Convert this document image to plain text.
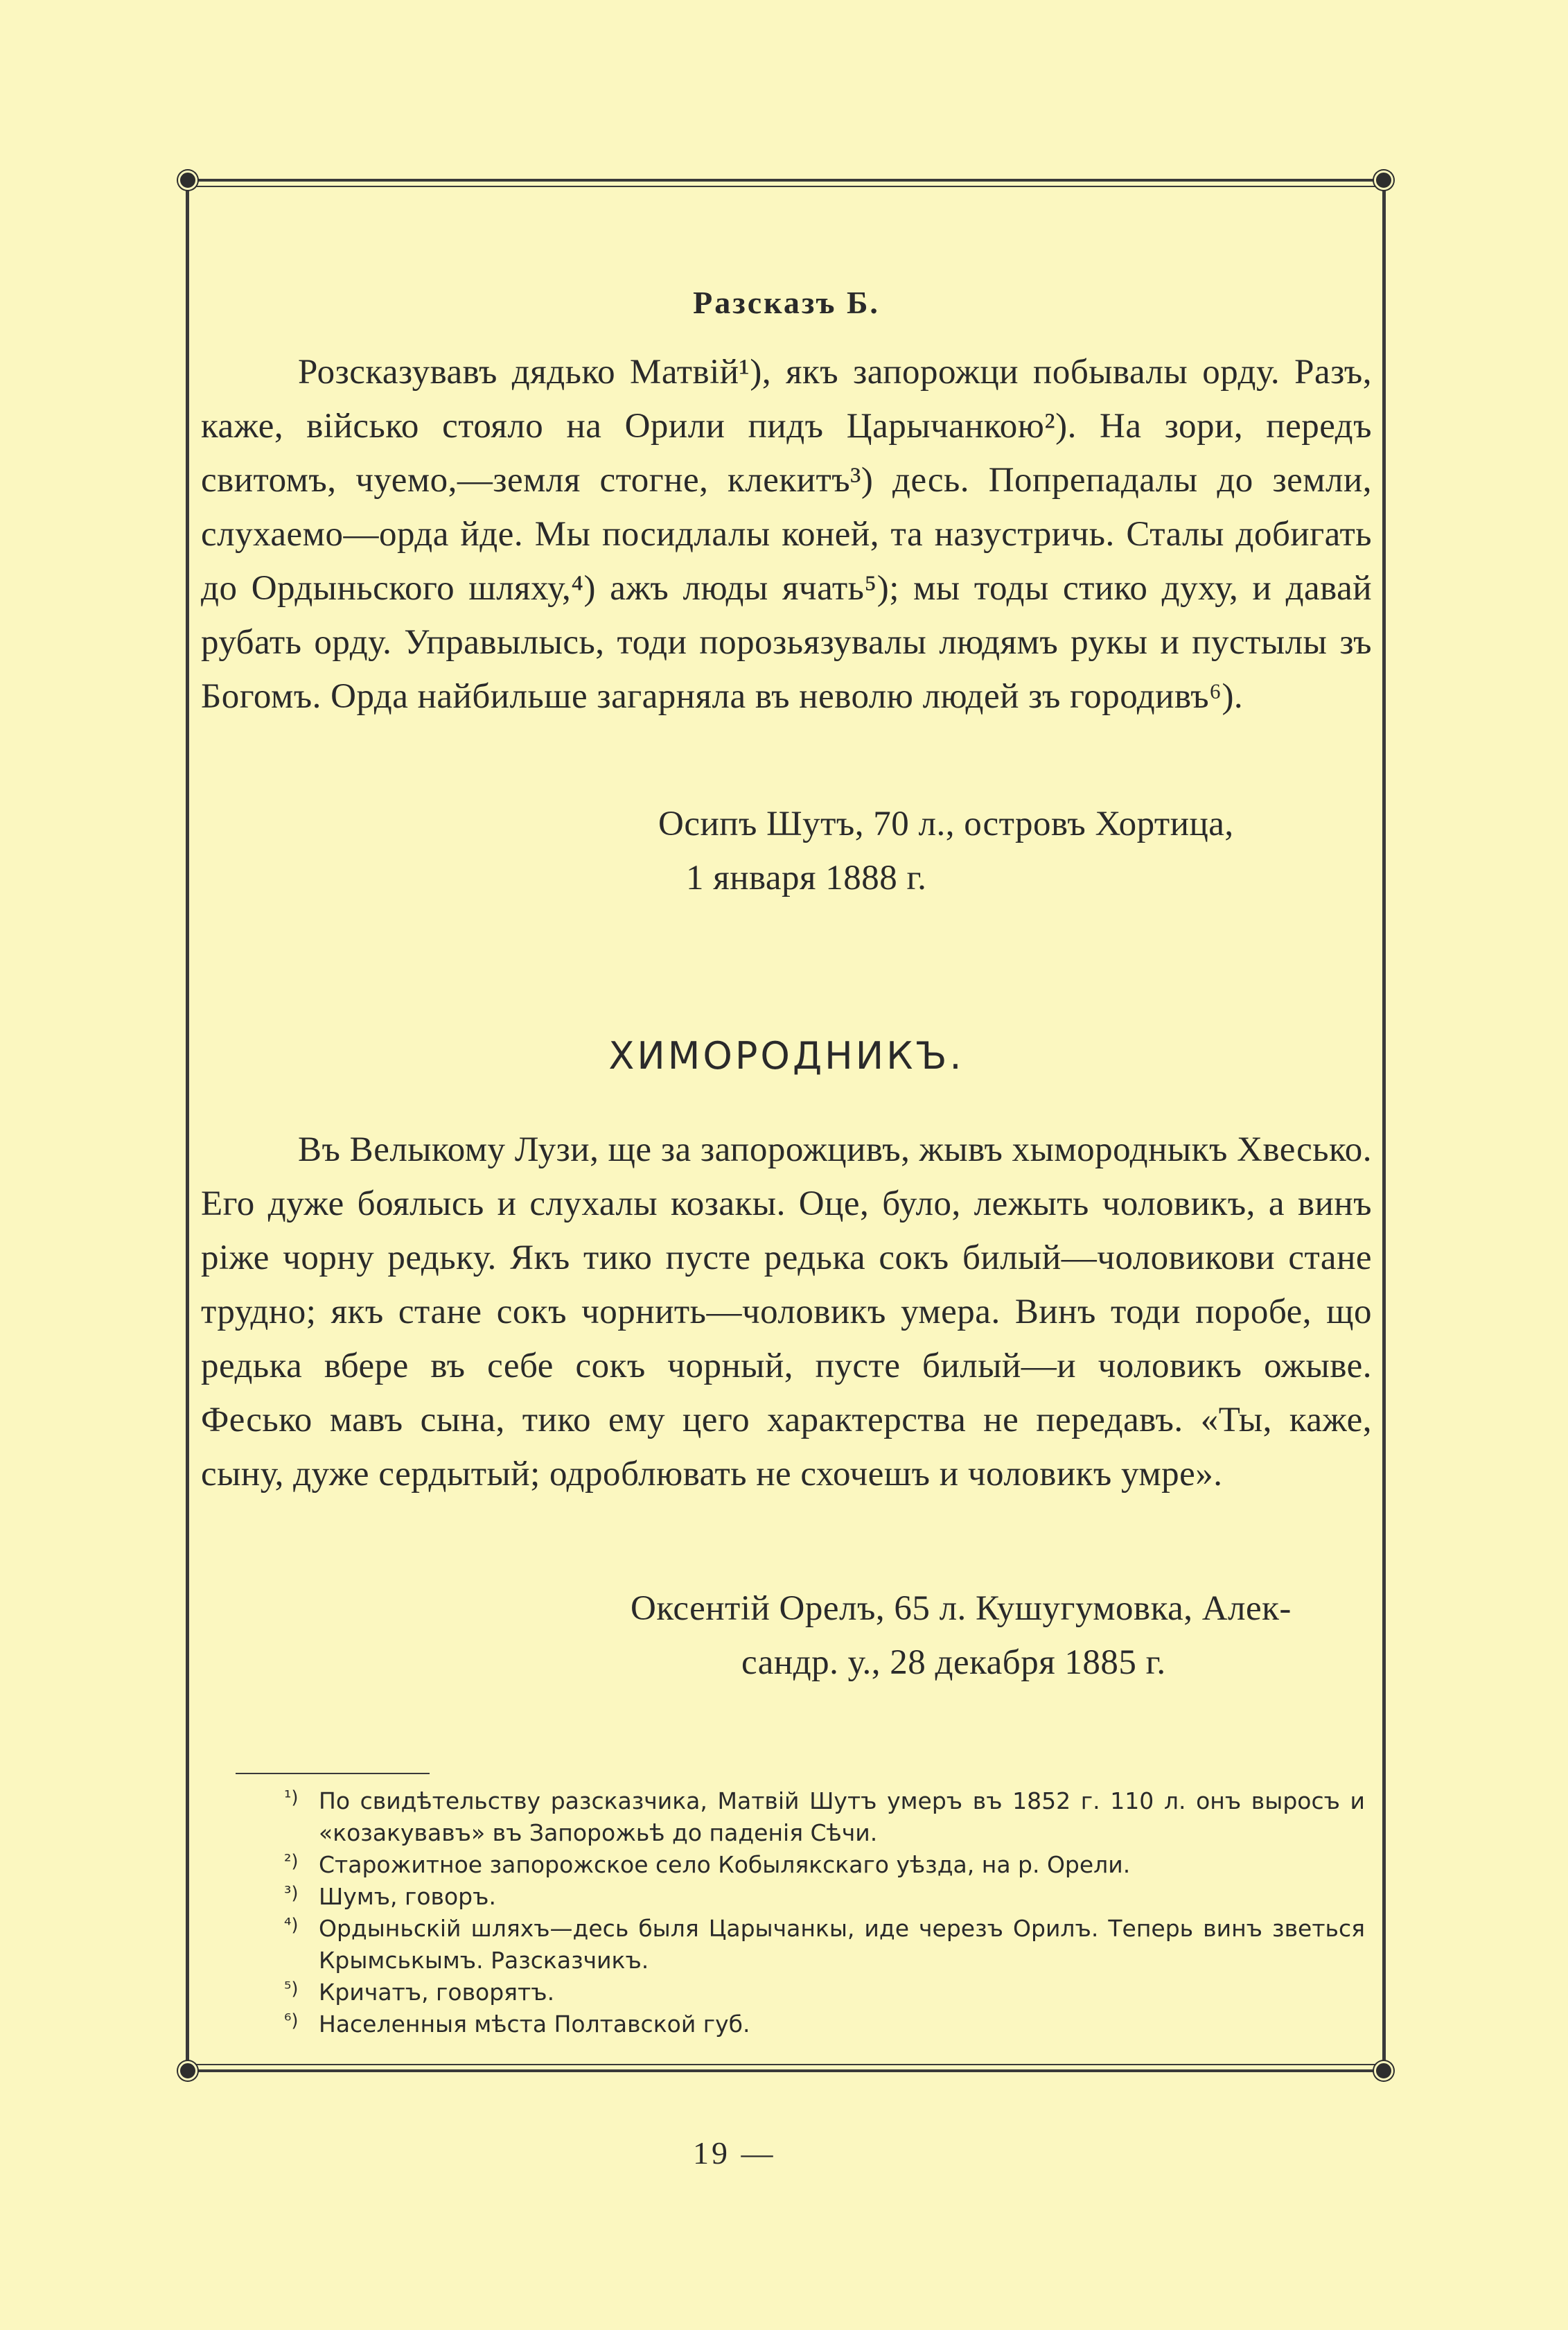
Разсказъ Б.
Розсказувавъ дядько Матвій¹), якъ запорожци побывалы орду. Разъ, каже, військо стояло на Орили пидъ Царычанкою²). На зори, передъ свитомъ, чуемо,—земля стогне, клекитъ³) десь. Попрепадалы до земли, слухаемо—орда йде. Мы посидлалы коней, та назустричь. Сталы добигать до Ордыньского шляху,⁴) ажъ люды ячать⁵); мы тоды стико духу, и давай рубать орду. Управылысь, тоди порозьязувалы людямъ рукы и пустылы зъ Богомъ. Орда найбильше загарняла въ неволю людей зъ городивъ⁶).
Осипъ Шутъ, 70 л., островъ Хортица,
1 января 1888 г.
ХИМОРОДНИКЪ.
Въ Велыкому Лузи, ще за запорожцивъ, жывъ хымородныкъ Хвесько. Его дуже боялысь и слухалы козакы. Оце, було, лежыть чоловикъ, а винъ рiже чорну редьку. Якъ тико пусте редька сокъ билый—чоловикови стане трудно; якъ стане сокъ чорнить—чоловикъ умера. Винъ тоди поробе, що редька вбере въ себе сокъ чорный, пусте билый—и чоловикъ ожыве. Фесько мавъ сына, тико ему цего характерства не передавъ. «Ты, каже, сыну, дуже сердытый; одроблювать не схочешъ и чоловикъ умре».
Оксентій Орелъ, 65 л. Кушугумовка, Алек-
сандр. у., 28 декабря 1885 г.
¹) По свидѣтельству разсказчика, Матвій Шутъ умеръ въ 1852 г. 110 л. онъ выросъ и «козакувавъ» въ Запорожьѣ до паденія Сѣчи.
²) Старожитное запорожское село Кобылякскаго уѣзда, на р. Орели.
³) Шумъ, говоръ.
⁴) Ордыньскій шляхъ—десь быля Царычанкы, иде черезъ Орилъ. Теперь винъ зветься Крымськымъ. Разсказчикъ.
⁵) Кричатъ, говорятъ.
⁶) Населенныя мѣста Полтавской губ.
19 —
